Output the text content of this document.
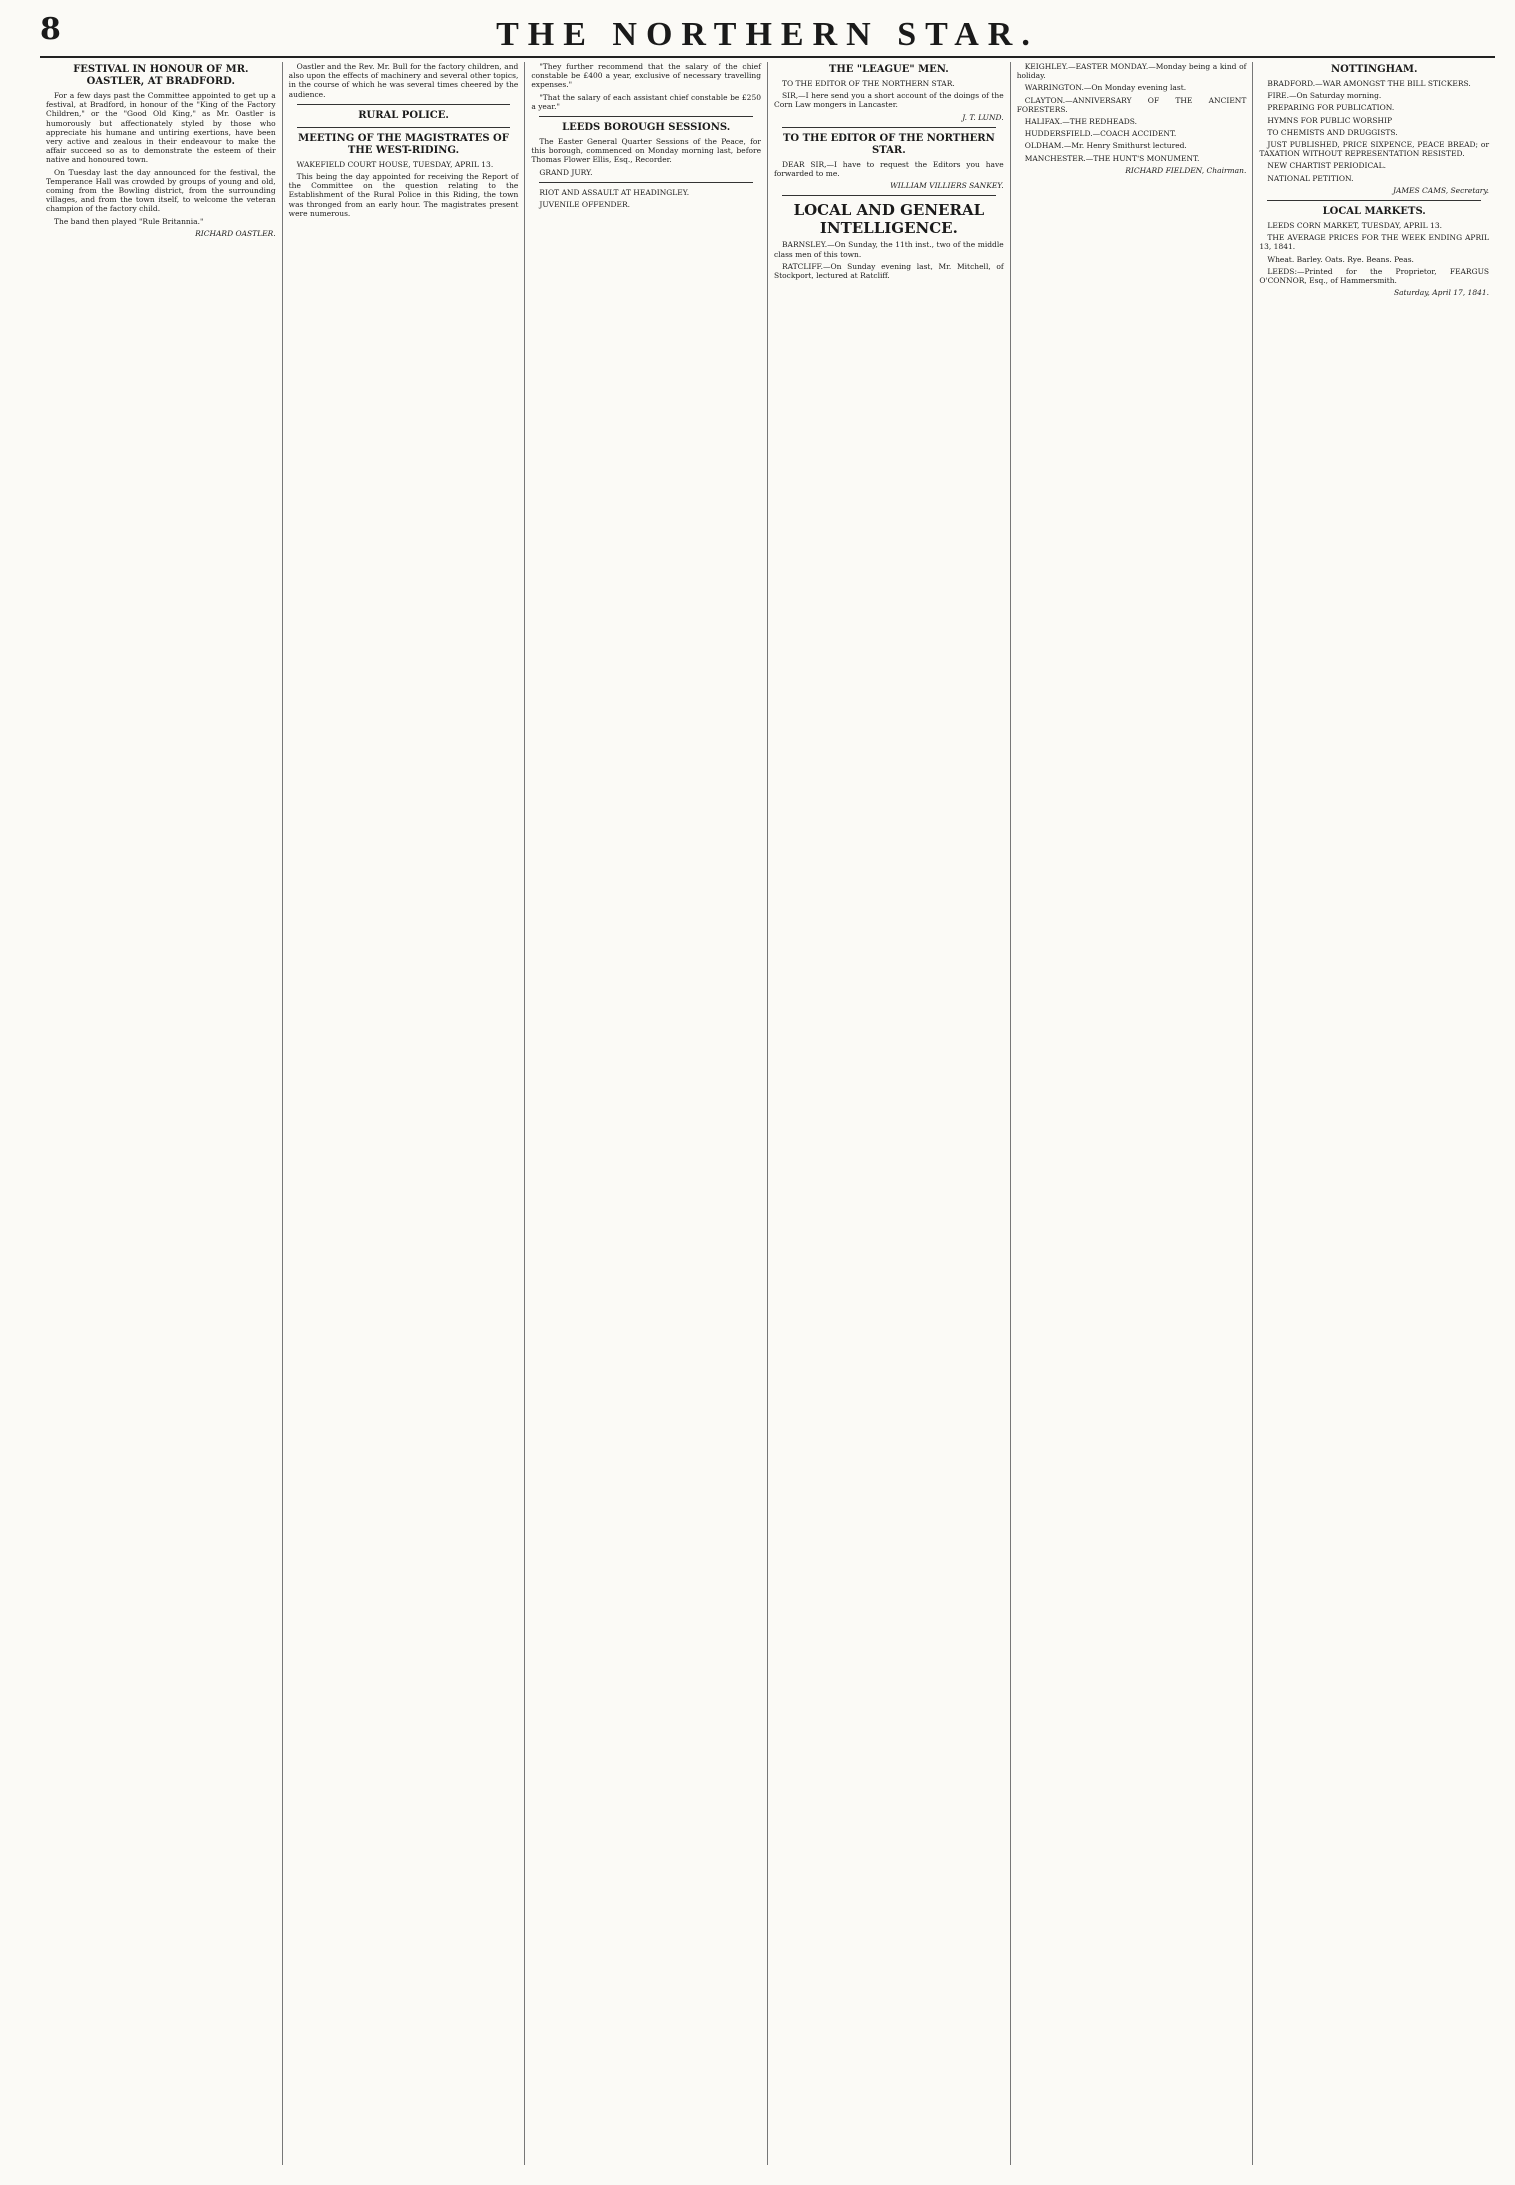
8	THE NORTHERN STAR.
FESTIVAL IN HONOUR OF MR. OASTLER, AT BRADFORD.

For a few days past the Committee appointed to get up a festival, at Bradford, in honour of the "King of the Factory Children," or the "Good Old King," as Mr. Oastler is humorously but affectionately styled by those who appreciate his humane and untiring exertions, have been very active and zealous in their endeavour to make the affair succeed so as to demonstrate the esteem of their native and honoured town.

On Tuesday last the day announced for the festival, the Temperance Hall was crowded by groups of young and old, coming from the Bowling district, from the surrounding villages, and from the town itself, to welcome the veteran champion of the factory child.

The band then played "Rule Britannia."

RICHARD OASTLER.

Oastler and the Rev. Mr. Bull for the factory children, and also upon the effects of machinery and several other topics, in the course of which he was several times cheered by the audience.

RURAL POLICE.
MEETING OF THE MAGISTRATES OF THE WEST-RIDING.

WAKEFIELD COURT HOUSE, TUESDAY, APRIL 13.

This being the day appointed for receiving the Report of the Committee on the question relating to the Establishment of the Rural Police in this Riding, the town was thronged from an early hour. The magistrates present were numerous.

"They further recommend that the salary of the chief constable be £400 a year, exclusive of necessary travelling expenses."

"That the salary of each assistant chief constable be £250 a year."

LEEDS BOROUGH SESSIONS.

The Easter General Quarter Sessions of the Peace, for this borough, commenced on Monday morning last, before Thomas Flower Ellis, Esq., Recorder.

GRAND JURY.

RIOT AND ASSAULT AT HEADINGLEY.

JUVENILE OFFENDER.

THE "LEAGUE" MEN.

TO THE EDITOR OF THE NORTHERN STAR.

SIR,—I here send you a short account of the doings of the Corn Law mongers in Lancaster.

J. T. LUND.
TO THE EDITOR OF THE NORTHERN STAR.

DEAR SIR,—I have to request the Editors you have forwarded to me.

WILLIAM VILLIERS SANKEY.
LOCAL AND GENERAL INTELLIGENCE.

BARNSLEY.—On Sunday, the 11th inst., two of the middle class men of this town.

RATCLIFF.—On Sunday evening last, Mr. Mitchell, of Stockport, lectured at Ratcliff.

KEIGHLEY.—EASTER MONDAY.—Monday being a kind of holiday.

WARRINGTON.—On Monday evening last.

CLAYTON.—ANNIVERSARY OF THE ANCIENT FORESTERS.

HALIFAX.—THE REDHEADS.

HUDDERSFIELD.—COACH ACCIDENT.

OLDHAM.—Mr. Henry Smithurst lectured.

MANCHESTER.—THE HUNT'S MONUMENT.

RICHARD FIELDEN, Chairman.
NOTTINGHAM.

BRADFORD.—WAR AMONGST THE BILL STICKERS.

FIRE.—On Saturday morning.

PREPARING FOR PUBLICATION.

HYMNS FOR PUBLIC WORSHIP

TO CHEMISTS AND DRUGGISTS.

JUST PUBLISHED, PRICE SIXPENCE, PEACE BREAD; or TAXATION WITHOUT REPRESENTATION RESISTED.

NEW CHARTIST PERIODICAL.

NATIONAL PETITION.

JAMES CAMS, Secretary.
LOCAL MARKETS.

LEEDS CORN MARKET, TUESDAY, APRIL 13.

THE AVERAGE PRICES FOR THE WEEK ENDING APRIL 13, 1841.

Wheat. Barley. Oats. Rye. Beans. Peas.

LEEDS:—Printed for the Proprietor, FEARGUS O'CONNOR, Esq., of Hammersmith.

Saturday, April 17, 1841.
